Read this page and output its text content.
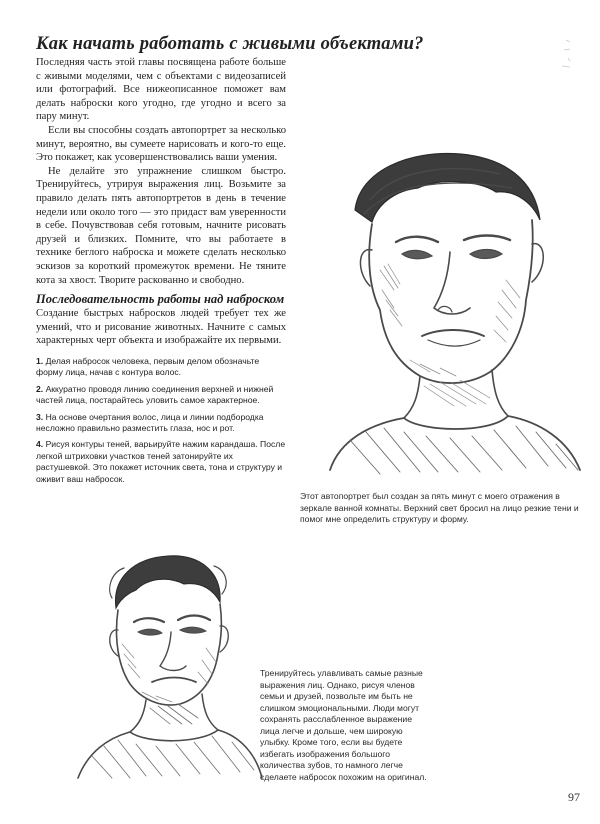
Как начать работать с живыми объектами?

Последняя часть этой главы посвящена работе больше с живыми моделями, чем с объектами с видеозаписей или фотографий. Все нижеописанное поможет вам делать наброски кого угодно, где угодно и всего за пару минут.

Если вы способны создать автопортрет за несколько минут, вероятно, вы сумеете нарисовать и кого-то еще. Это покажет, как усовершенствовались ваши умения.

Не делайте это упражнение слишком быстро. Тренируйтесь, утрируя выражения лиц. Возьмите за правило делать пять автопортретов в день в течение недели или около того — это придаст вам уверенности в себе. Почувствовав себя готовым, начните рисовать друзей и близких. Помните, что вы работаете в технике беглого наброска и можете сделать несколько эскизов за короткий промежуток времени. Не тяните кота за хвост. Творите раскованно и свободно.

Последовательность работы над наброском

Создание быстрых набросков людей требует тех же умений, что и рисование животных. Начните с самых характерных черт объекта и изображайте их первыми.

1. Делая набросок человека, первым делом обозначьте форму лица, начав с контура волос.
2. Аккуратно проводя линию соединения верхней и нижней частей лица, постарайтесь уловить самое характерное.
3. На основе очертания волос, лица и линии подбородка несложно правильно разместить глаза, нос и рот.
4. Рисуя контуры теней, варьируйте нажим карандаша. После легкой штриховки участков теней затонируйте их растушевкой. Это покажет источник света, тона и структуру и оживит ваш набросок.
Этот автопортрет был создан за пять минут с моего отражения в зеркале ванной комнаты. Верхний свет бросил на лицо резкие тени и помог мне определить структуру и форму.
Тренируйтесь улавливать самые разные выражения лиц. Однако, рисуя членов семьи и друзей, позвольте им быть не слишком эмоциональными. Люди могут сохранять расслабленное выражение лица легче и дольше, чем широкую улыбку. Кроме того, если вы будете избегать изображения большого количества зубов, то намного легче сделаете набросок похожим на оригинал.
97
